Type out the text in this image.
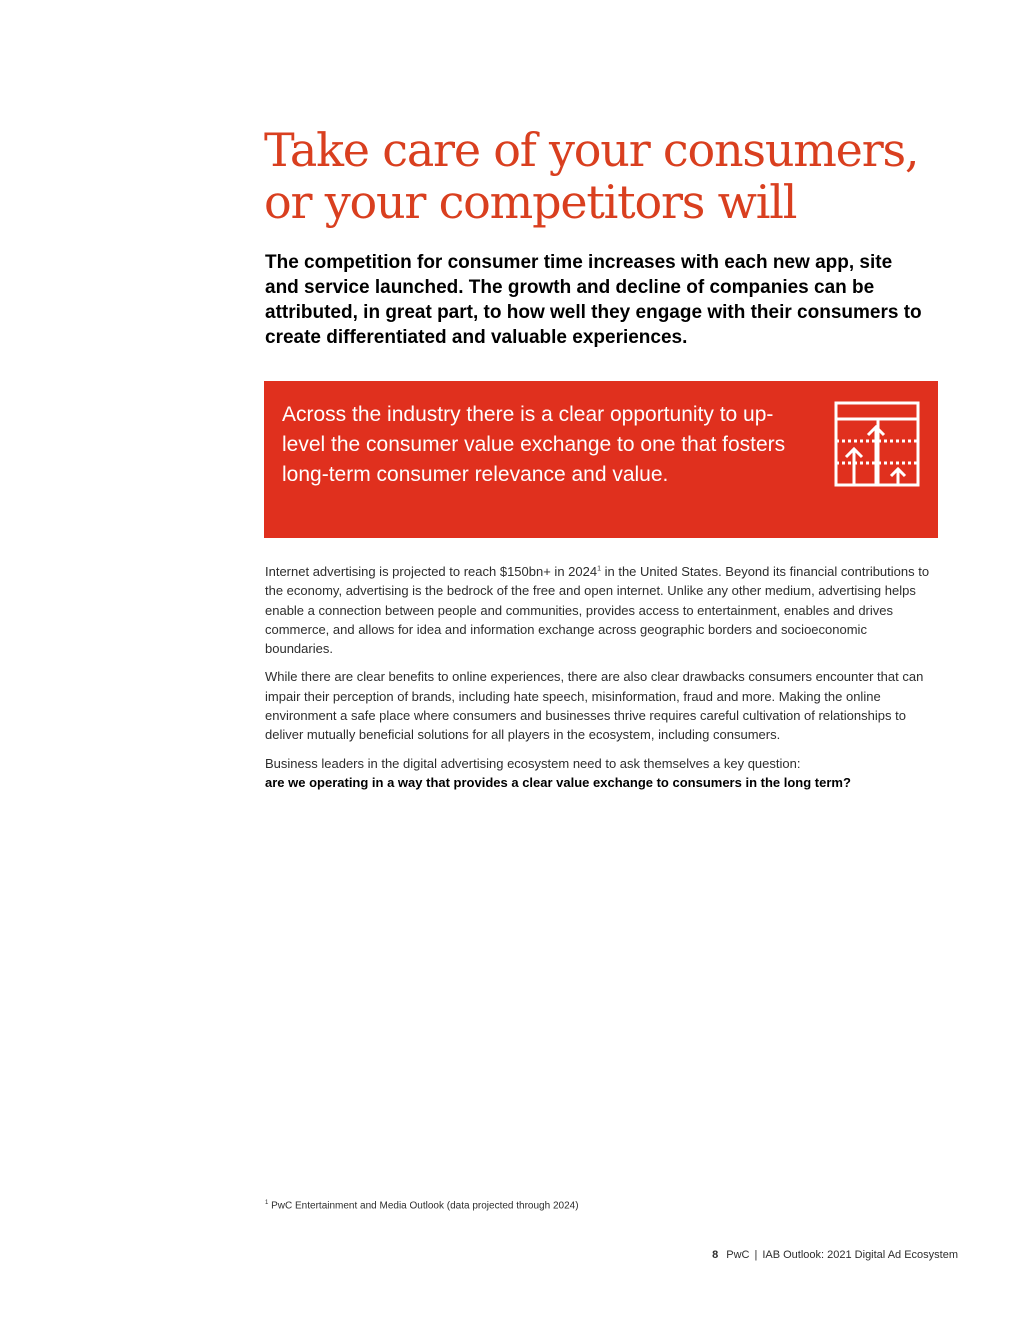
Take care of your consumers,
or your competitors will
The competition for consumer time increases with each new app, site and service launched. The growth and decline of companies can be attributed, in great part, to how well they engage with their consumers to create differentiated and valuable experiences.
Across the industry there is a clear opportunity to up-level the consumer value exchange to one that fosters long-term consumer relevance and value.

Internet advertising is projected to reach $150bn+ in 2024$^1$ in the United States. Beyond its financial contributions to the economy, advertising is the bedrock of the free and open internet. Unlike any other medium, advertising helps enable a connection between people and communities, provides access to entertainment, enables and drives commerce, and allows for idea and information exchange across geographic borders and socioeconomic boundaries.

While there are clear benefits to online experiences, there are also clear drawbacks consumers encounter that can impair their perception of brands, including hate speech, misinformation, fraud and more. Making the online environment a safe place where consumers and businesses thrive requires careful cultivation of relationships to deliver mutually beneficial solutions for all players in the ecosystem, including consumers.

Business leaders in the digital advertising ecosystem need to ask themselves a key question:
are we operating in a way that provides a clear value exchange to consumers in the long term?

$^1$ PwC Entertainment and Media Outlook (data projected through 2024)
8 PwC | IAB Outlook: 2021 Digital Ad Ecosystem
